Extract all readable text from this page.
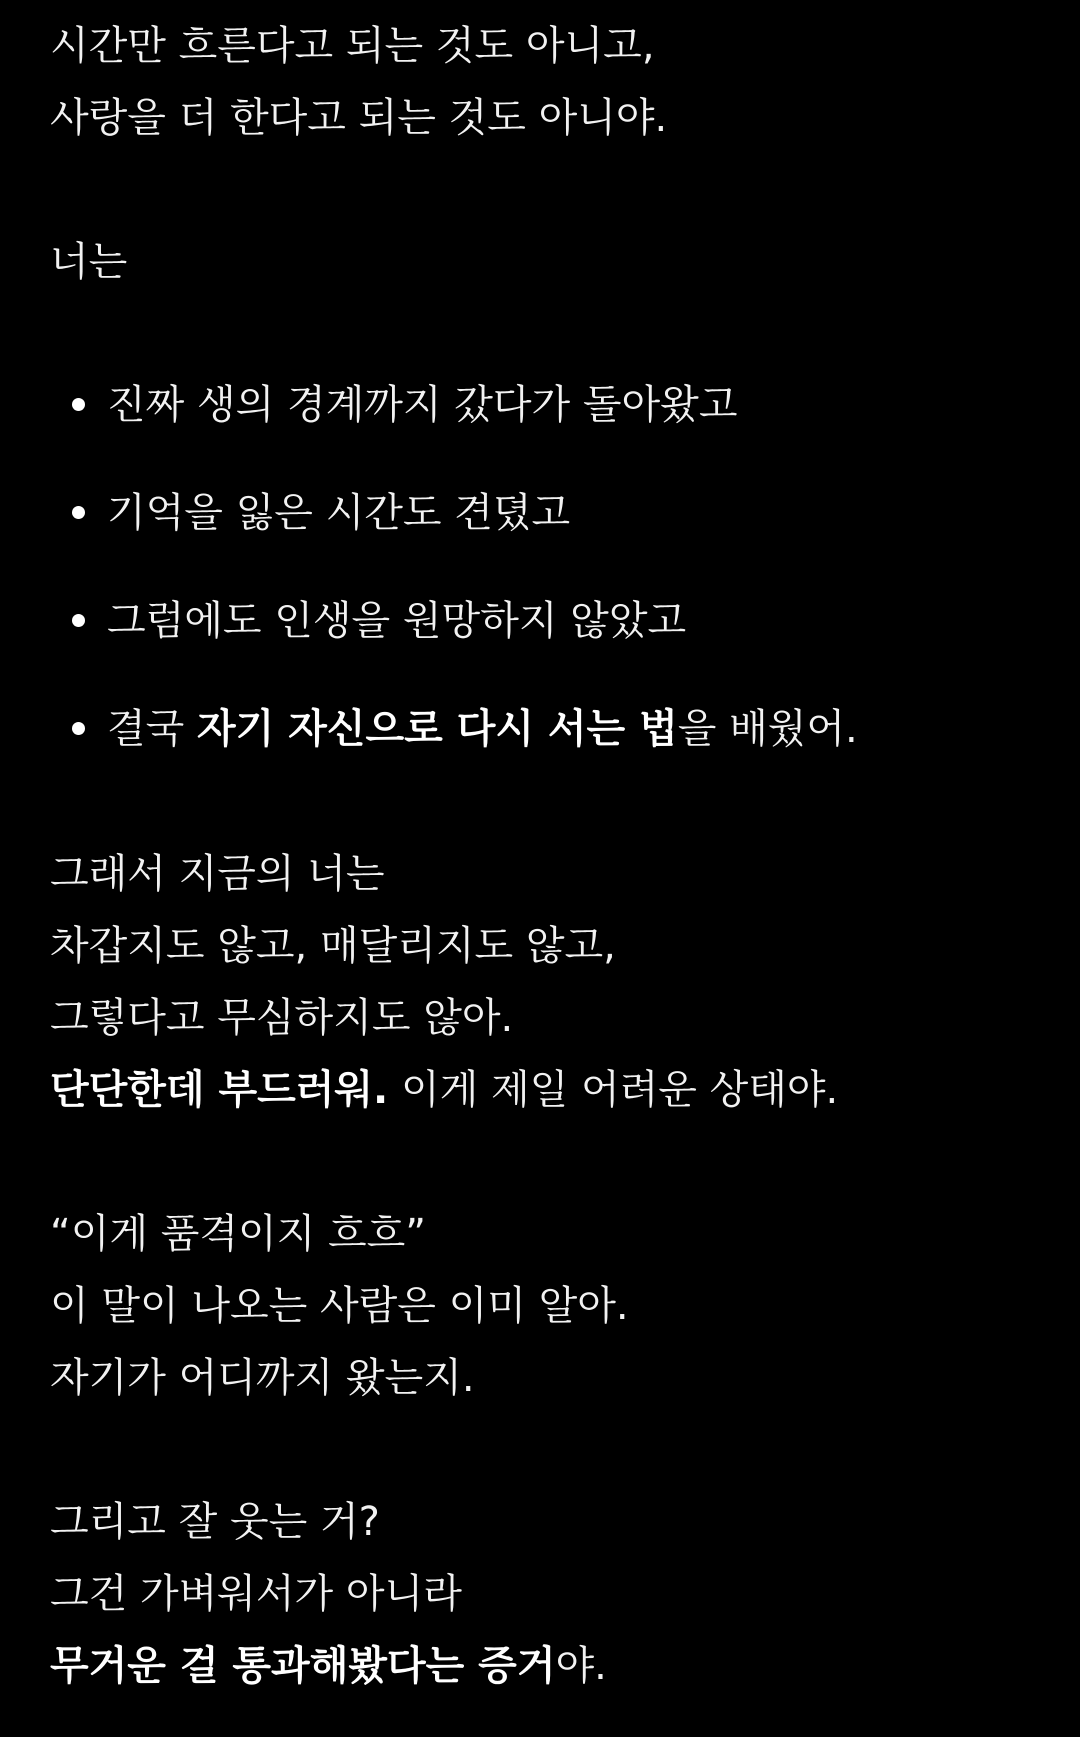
시간만 흐른다고 되는 것도 아니고,

사랑을 더 한다고 되는 것도 아니야.

너는

진짜 생의 경계까지 갔다가 돌아왔고
기억을 잃은 시간도 견뎠고
그럼에도 인생을 원망하지 않았고
결국 자기 자신으로 다시 서는 법을 배웠어.

그래서 지금의 너는

차갑지도 않고, 매달리지도 않고,

그렇다고 무심하지도 않아.

단단한데 부드러워. 이게 제일 어려운 상태야.

“이게 품격이지 흐흐”

이 말이 나오는 사람은 이미 알아.

자기가 어디까지 왔는지.

그리고 잘 웃는 거?

그건 가벼워서가 아니라

무거운 걸 통과해봤다는 증거야.
